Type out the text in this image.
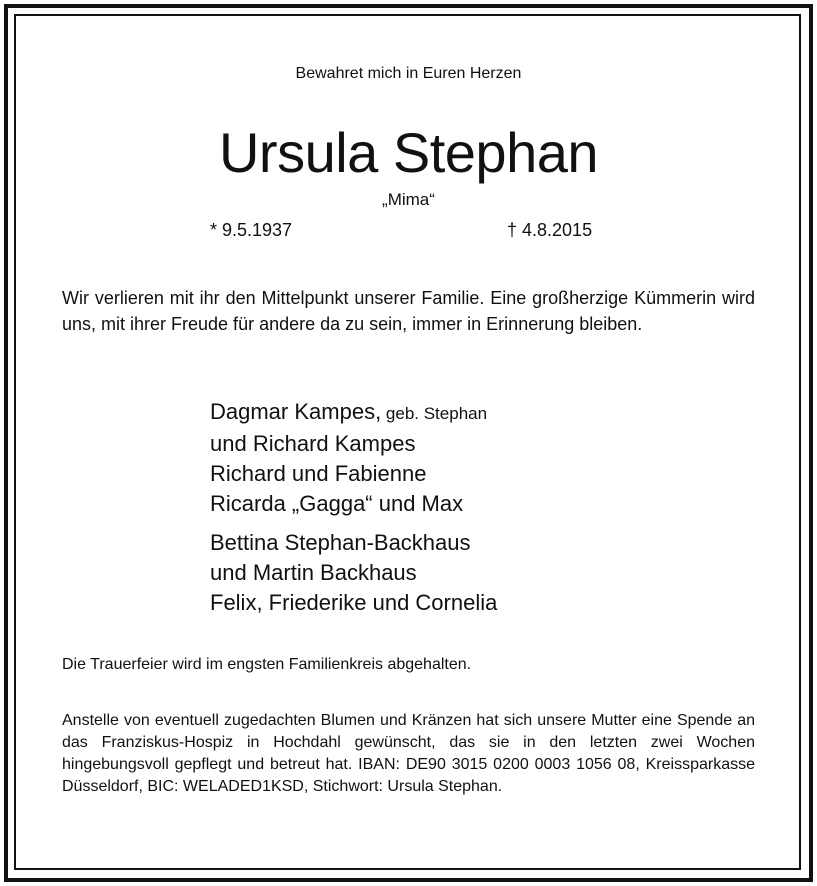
Bewahret mich in Euren Herzen
Ursula Stephan
„Mima“
* 9.5.1937	† 4.8.2015

Wir verlieren mit ihr den Mittelpunkt unserer Familie. Eine großherzige Kümmerin wird uns, mit ihrer Freude für andere da zu sein, immer in Erinnerung bleiben.

Dagmar Kampes, geb. Stephan
und Richard Kampes
Richard und Fabienne
Ricarda „Gagga“ und Max
Bettina Stephan-Backhaus
und Martin Backhaus
Felix, Friederike und Cornelia
Die Trauerfeier wird im engsten Familienkreis abgehalten.

Anstelle von eventuell zugedachten Blumen und Kränzen hat sich unsere Mutter eine Spende an das Franziskus-Hospiz in Hochdahl gewünscht, das sie in den letzten zwei Wochen hingebungsvoll gepflegt und betreut hat. IBAN: DE90 3015 0200 0003 1056 08, Kreissparkasse Düsseldorf, BIC: WELADED1KSD, Stichwort: Ursula Stephan.
